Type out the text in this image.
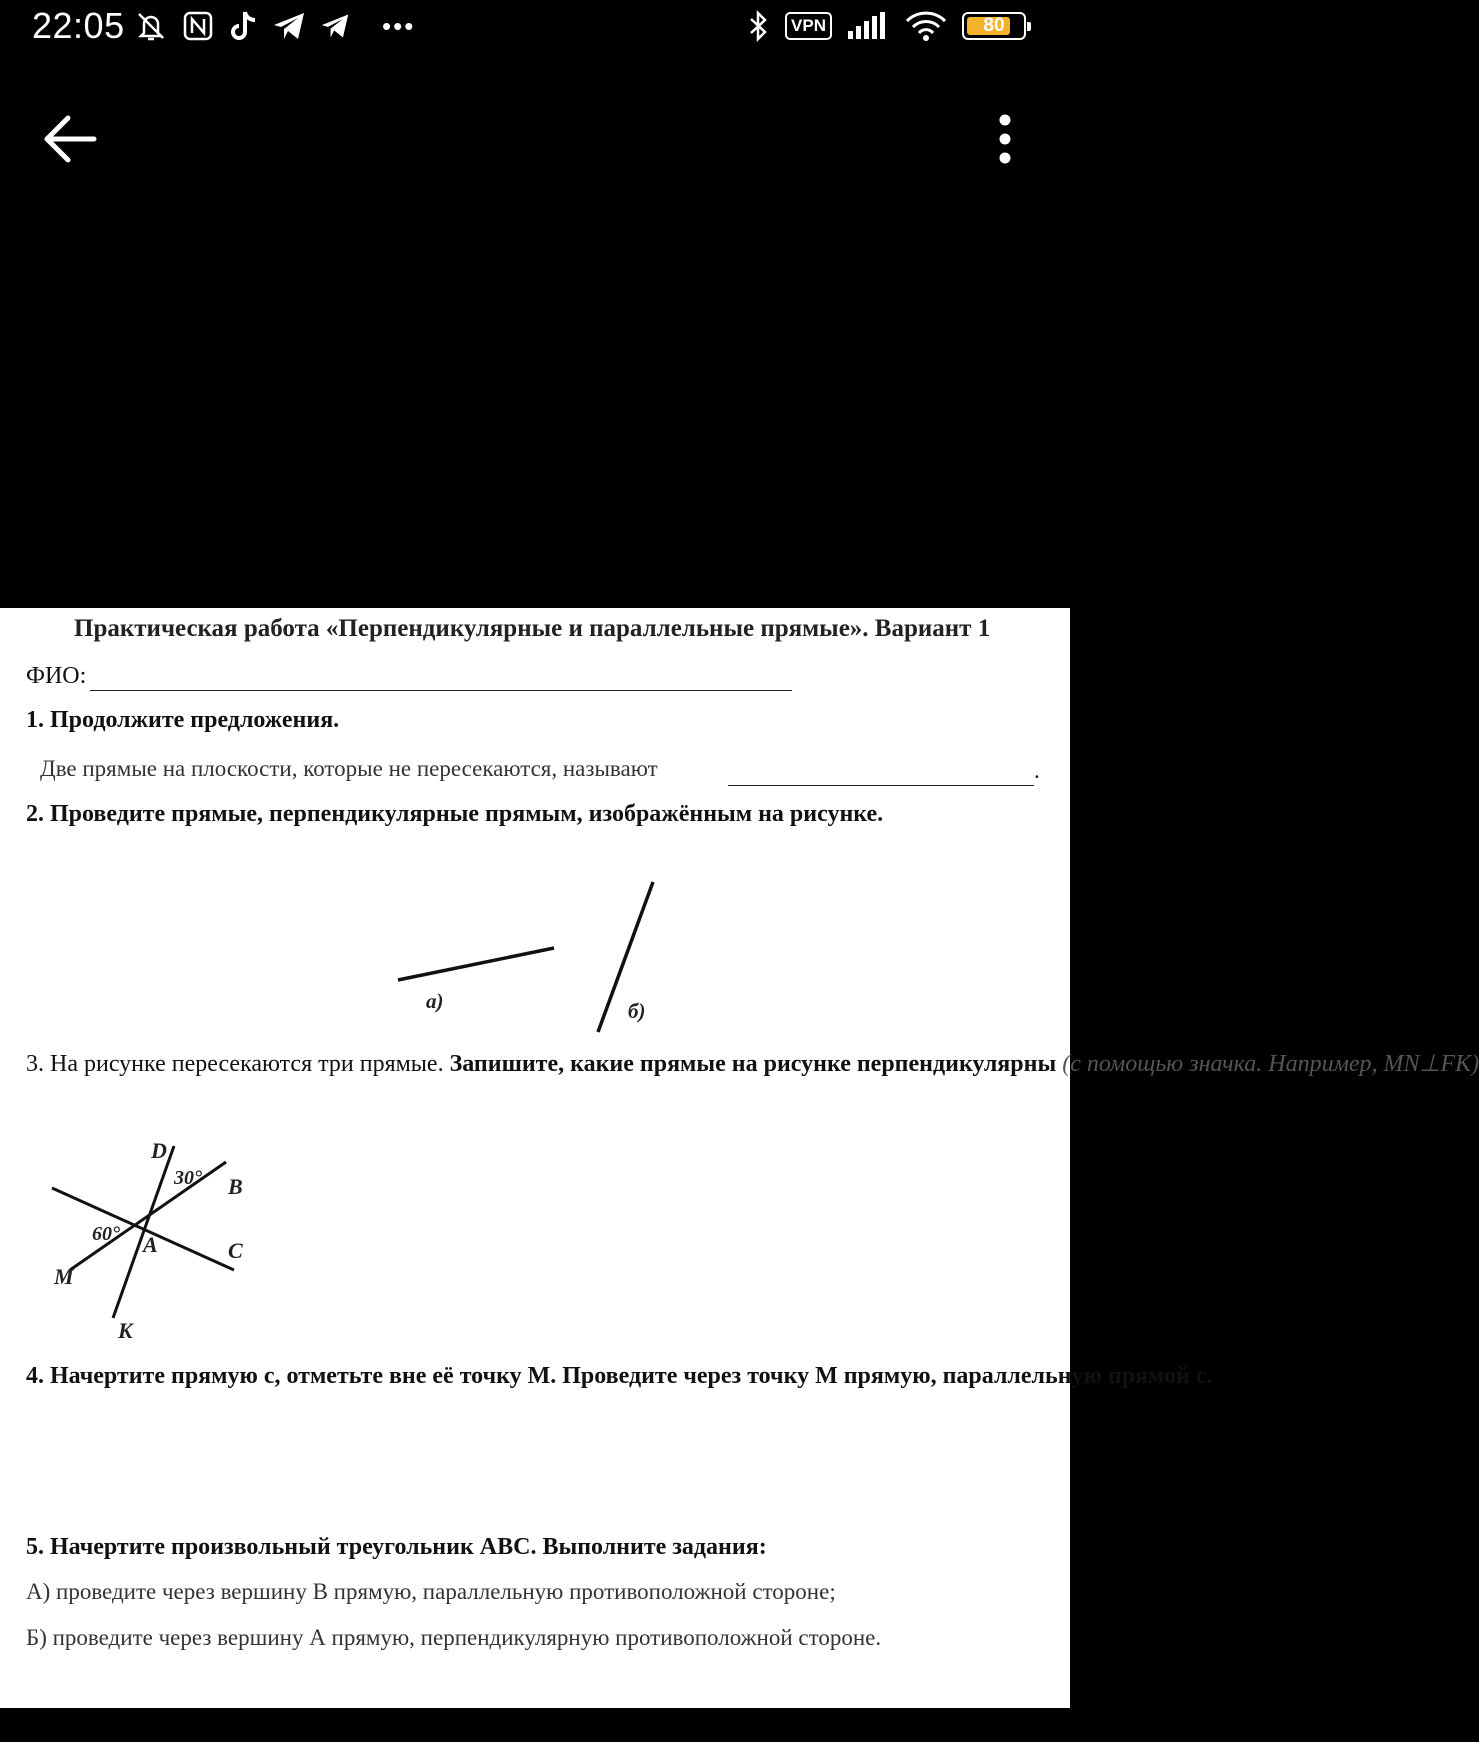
22:05	•••	VPN	80
Практическая работа «Перпендикулярные и параллельные прямые». Вариант 1
ФИО:
1. Продолжите предложения.
Две прямые на плоскости, которые не пересекаются, называют	.
2. Проведите прямые, перпендикулярные прямым, изображённым на рисунке.
а)	б)
3. На рисунке пересекаются три прямые. Запишите, какие прямые на рисунке перпендикулярны (с помощью значка. Например, MN⊥FK)
D
30° B
60° A	C
M
K
4. Начертите прямую с, отметьте вне её точку М. Проведите через точку М прямую, параллельную прямой с.
5. Начертите произвольный треугольник ABC. Выполните задания:
А) проведите через вершину В прямую, параллельную противоположной стороне;
Б) проведите через вершину А прямую, перпендикулярную противоположной стороне.
